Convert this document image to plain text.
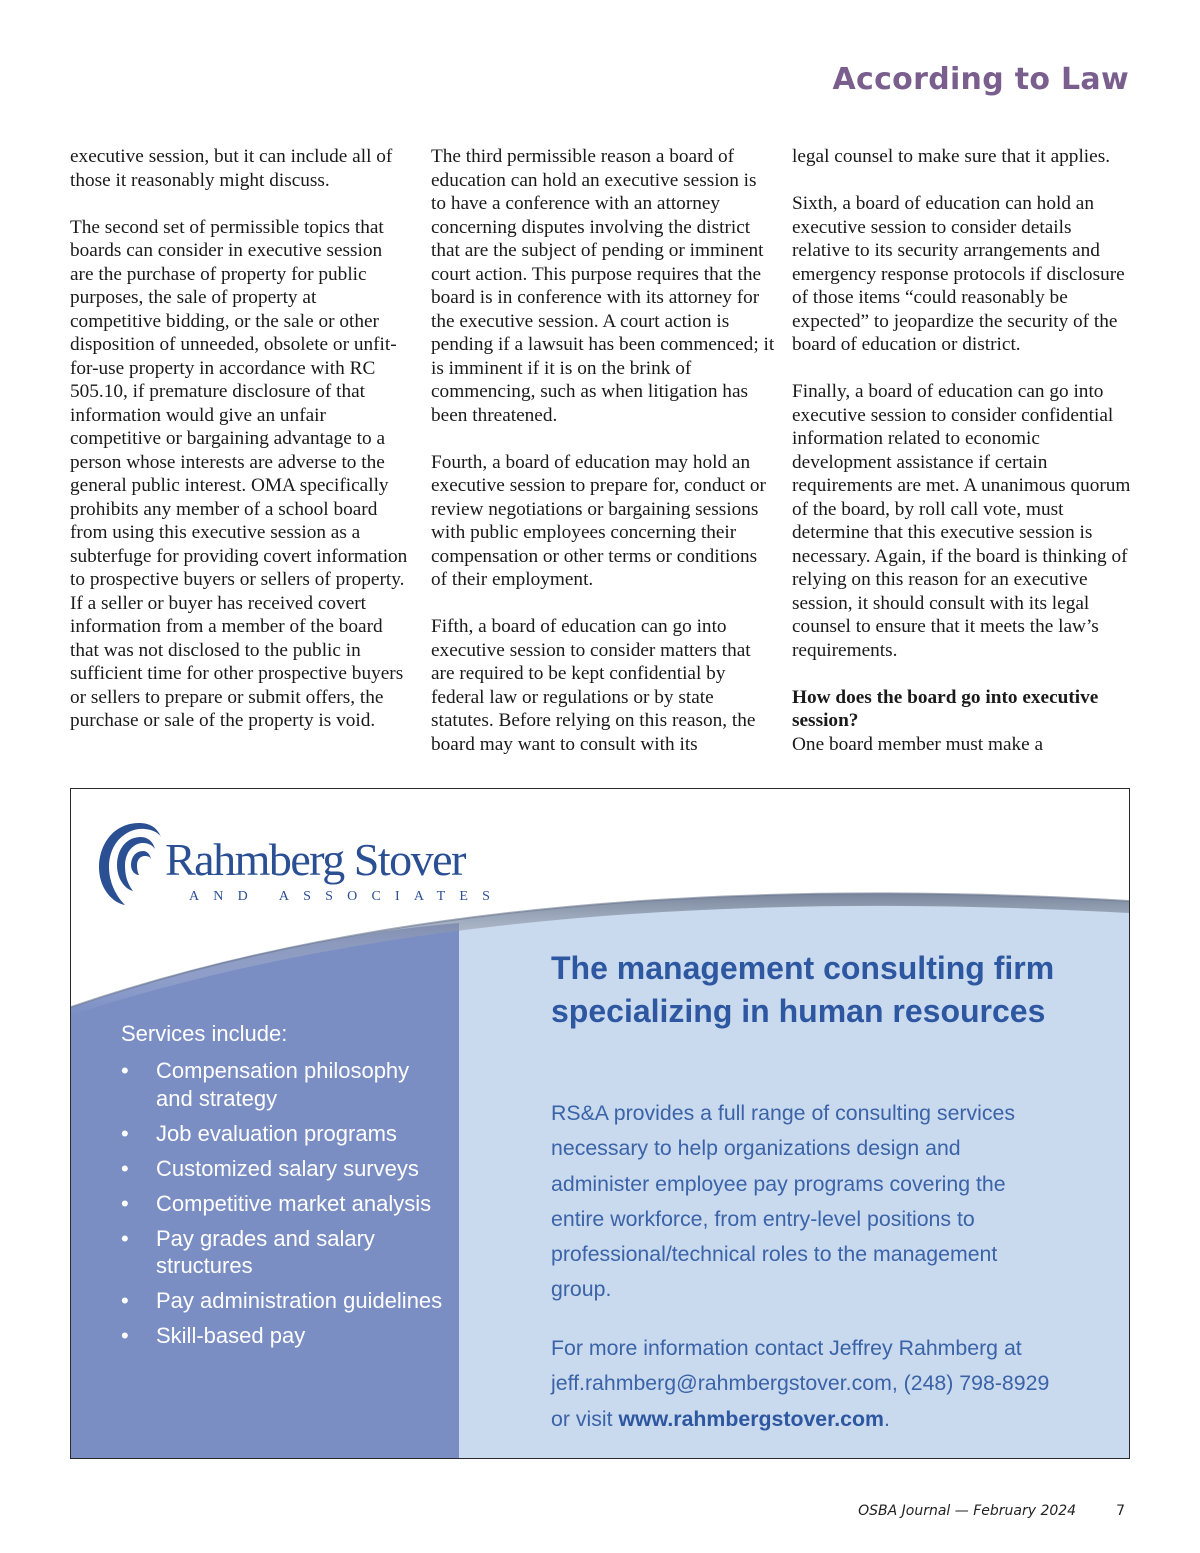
According to Law

executive session, but it can include all of those it reasonably might discuss.

The second set of permissible topics that boards can consider in executive session are the purchase of property for public purposes, the sale of property at competitive bidding, or the sale or other disposition of unneeded, obsolete or unfit-for-use property in accordance with RC 505.10, if premature disclosure of that information would give an unfair competitive or bargaining advantage to a person whose interests are adverse to the general public interest. OMA specifically prohibits any member of a school board from using this executive session as a subterfuge for providing covert information to prospective buyers or sellers of property. If a seller or buyer has received covert information from a member of the board that was not disclosed to the public in sufficient time for other prospective buyers or sellers to prepare or submit offers, the purchase or sale of the property is void.

The third permissible reason a board of education can hold an executive session is to have a conference with an attorney concerning disputes involving the district that are the subject of pending or imminent court action. This purpose requires that the board is in conference with its attorney for the executive session. A court action is pending if a lawsuit has been commenced; it is imminent if it is on the brink of commencing, such as when litigation has been threatened.

Fourth, a board of education may hold an executive session to prepare for, conduct or review negotiations or bargaining sessions with public employees concerning their compensation or other terms or conditions of their employment.

Fifth, a board of education can go into executive session to consider matters that are required to be kept confidential by federal law or regulations or by state statutes. Before relying on this reason, the board may want to consult with its

legal counsel to make sure that it applies.

Sixth, a board of education can hold an executive session to consider details relative to its security arrangements and emergency response protocols if disclosure of those items “could reasonably be expected” to jeopardize the security of the board of education or district.

Finally, a board of education can go into executive session to consider confidential information related to economic development assistance if certain requirements are met. A unanimous quorum of the board, by roll call vote, must determine that this executive session is necessary. Again, if the board is thinking of relying on this reason for an executive session, it should consult with its legal counsel to ensure that it meets the law’s requirements.

How does the board go into executive session?

One board member must make a

Rahmberg Stover
AND ASSOCIATES
Services include:
• Compensation philosophy and strategy
• Job evaluation programs
• Customized salary surveys
• Competitive market analysis
• Pay grades and salary structures
• Pay administration guidelines
• Skill-based pay
The management consulting firm specializing in human resources
RS&A provides a full range of consulting services necessary to help organizations design and administer employee pay programs covering the entire workforce, from entry-level positions to professional/technical roles to the management group.
For more information contact Jeffrey Rahmberg at jeff.rahmberg@rahmbergstover.com, (248) 798-8929 or visit www.rahmbergstover.com.
OSBA Journal — February 2024	7
